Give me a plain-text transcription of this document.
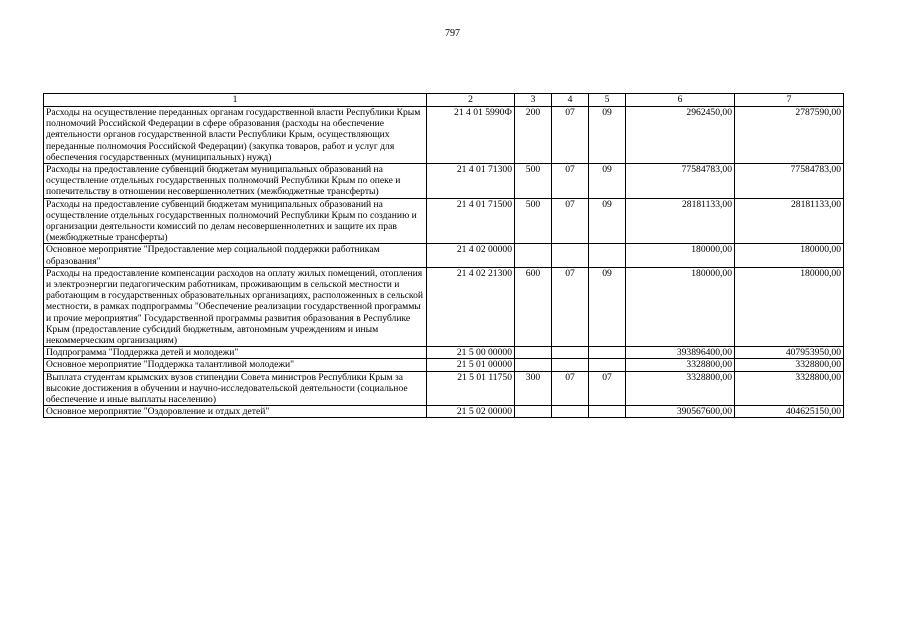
797
1	2	3	4	5	6	7
Расходы на осуществление переданных органам государственной власти Республики Крым полномочий Российской Федерации в сфере образования (расходы на обеспечение деятельности органов государственной власти Республики Крым, осуществляющих переданные полномочия Российской Федерации) (закупка товаров, работ и услуг для обеспечения государственных (муниципальных) нужд)	21 4 01 5990Ф	200	07	09	2962450,00	2787590,00
Расходы на предоставление субвенций бюджетам муниципальных образований на осуществление отдельных государственных полномочий Республики Крым по опеке и попечительству в отношении несовершеннолетних (межбюджетные трансферты)	21 4 01 71300	500	07	09	77584783,00	77584783,00
Расходы на предоставление субвенций бюджетам муниципальных образований на осуществление отдельных государственных полномочий Республики Крым по созданию и организации деятельности комиссий по делам несовершеннолетних и защите их прав (межбюджетные трансферты)	21 4 01 71500	500	07	09	28181133,00	28181133,00
Основное мероприятие "Предоставление мер социальной поддержки работникам образования"	21 4 02 00000				180000,00	180000,00
Расходы на предоставление компенсации расходов на оплату жилых помещений, отопления и электроэнергии педагогическим работникам, проживающим в сельской местности и работающим в государственных образовательных организациях, расположенных в сельской местности, в рамках подпрограммы "Обеспечение реализации государственной программы и прочие мероприятия" Государственной программы развития образования в Республике Крым (предоставление субсидий бюджетным, автономным учреждениям и иным некоммерческим организациям)	21 4 02 21300	600	07	09	180000,00	180000,00
Подпрограмма "Поддержка детей и молодежи"	21 5 00 00000				393896400,00	407953950,00
Основное мероприятие "Поддержка талантливой молодежи"	21 5 01 00000				3328800,00	3328800,00
Выплата студентам крымских вузов стипендии Совета министров Республики Крым за высокие достижения в обучении и научно-исследовательской деятельности (социальное обеспечение и иные выплаты населению)	21 5 01 11750	300	07	07	3328800,00	3328800,00
Основное мероприятие "Оздоровление и отдых детей"	21 5 02 00000				390567600,00	404625150,00
